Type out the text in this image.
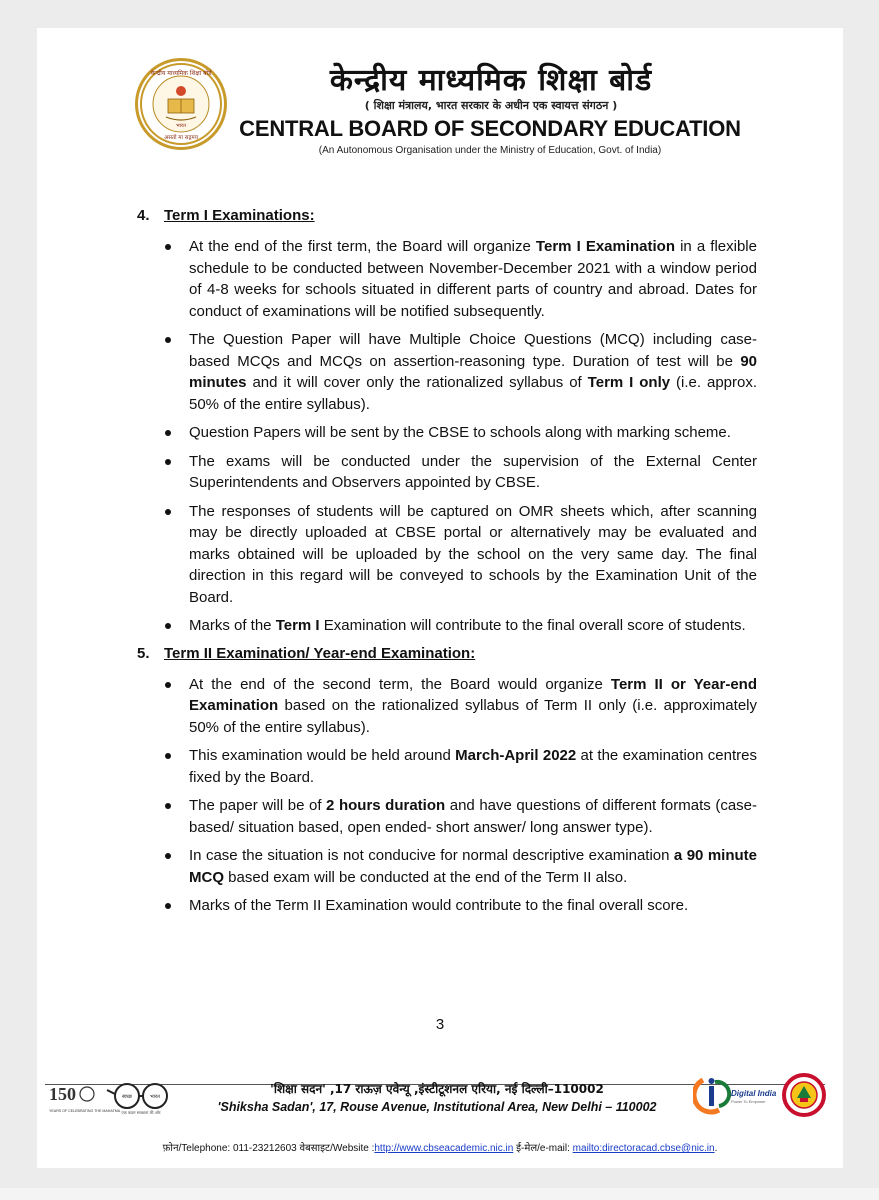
केन्द्रीय माध्यमिक शिक्षा बोर्ड
भारत
असतो मा सद्गमय
केन्द्रीय माध्यमिक शिक्षा बोर्ड
( शिक्षा मंत्रालय, भारत सरकार के अधीन एक स्वायत्त संगठन )
CENTRAL BOARD OF SECONDARY EDUCATION
(An Autonomous Organisation under the Ministry of Education, Govt. of India)
4. Term I Examinations:
At the end of the first term, the Board will organize Term I Examination in a flexible schedule to be conducted between November-December 2021 with a window period of 4-8 weeks for schools situated in different parts of country and abroad. Dates for conduct of examinations will be notified subsequently.
The Question Paper will have Multiple Choice Questions (MCQ) including case-based MCQs and MCQs on assertion-reasoning type. Duration of test will be 90 minutes and it will cover only the rationalized syllabus of Term I only (i.e. approx. 50% of the entire syllabus).
Question Papers will be sent by the CBSE to schools along with marking scheme.
The exams will be conducted under the supervision of the External Center Superintendents and Observers appointed by CBSE.
The responses of students will be captured on OMR sheets which, after scanning may be directly uploaded at CBSE portal or alternatively may be evaluated and marks obtained will be uploaded by the school on the very same day. The final direction in this regard will be conveyed to schools by the Examination Unit of the Board.
Marks of the Term I Examination will contribute to the final overall score of students.
5. Term II Examination/ Year-end Examination:
At the end of the second term, the Board would organize Term II or Year-end Examination based on the rationalized syllabus of Term II only (i.e. approximately 50% of the entire syllabus).
This examination would be held around March-April 2022 at the examination centres fixed by the Board.
The paper will be of 2 hours duration and have questions of different formats (case-based/ situation based, open ended- short answer/ long answer type).
In case the situation is not conducive for normal descriptive examination a 90 minute MCQ based exam will be conducted at the end of the Term II also.
Marks of the Term II Examination would contribute to the final overall score.
3
150
YEARS OF CELEBRATING THE MAHATMA
स्वच्छ	भारत
एक कदम स्वच्छता की ओर
'शिक्षा सदन' ,17 राऊज़ एवेन्यू ,इंस्टीटूशनल एरिया, नई दिल्ली–110002
'Shiksha Sadan', 17, Rouse Avenue, Institutional Area, New Delhi – 110002
Digital India
Power To Empower
फ़ोन/Telephone: 011-23212603 वेबसाइट/Website :http://www.cbseacademic.nic.in ई-मेल/e-mail: mailto:directoracad.cbse@nic.in.
